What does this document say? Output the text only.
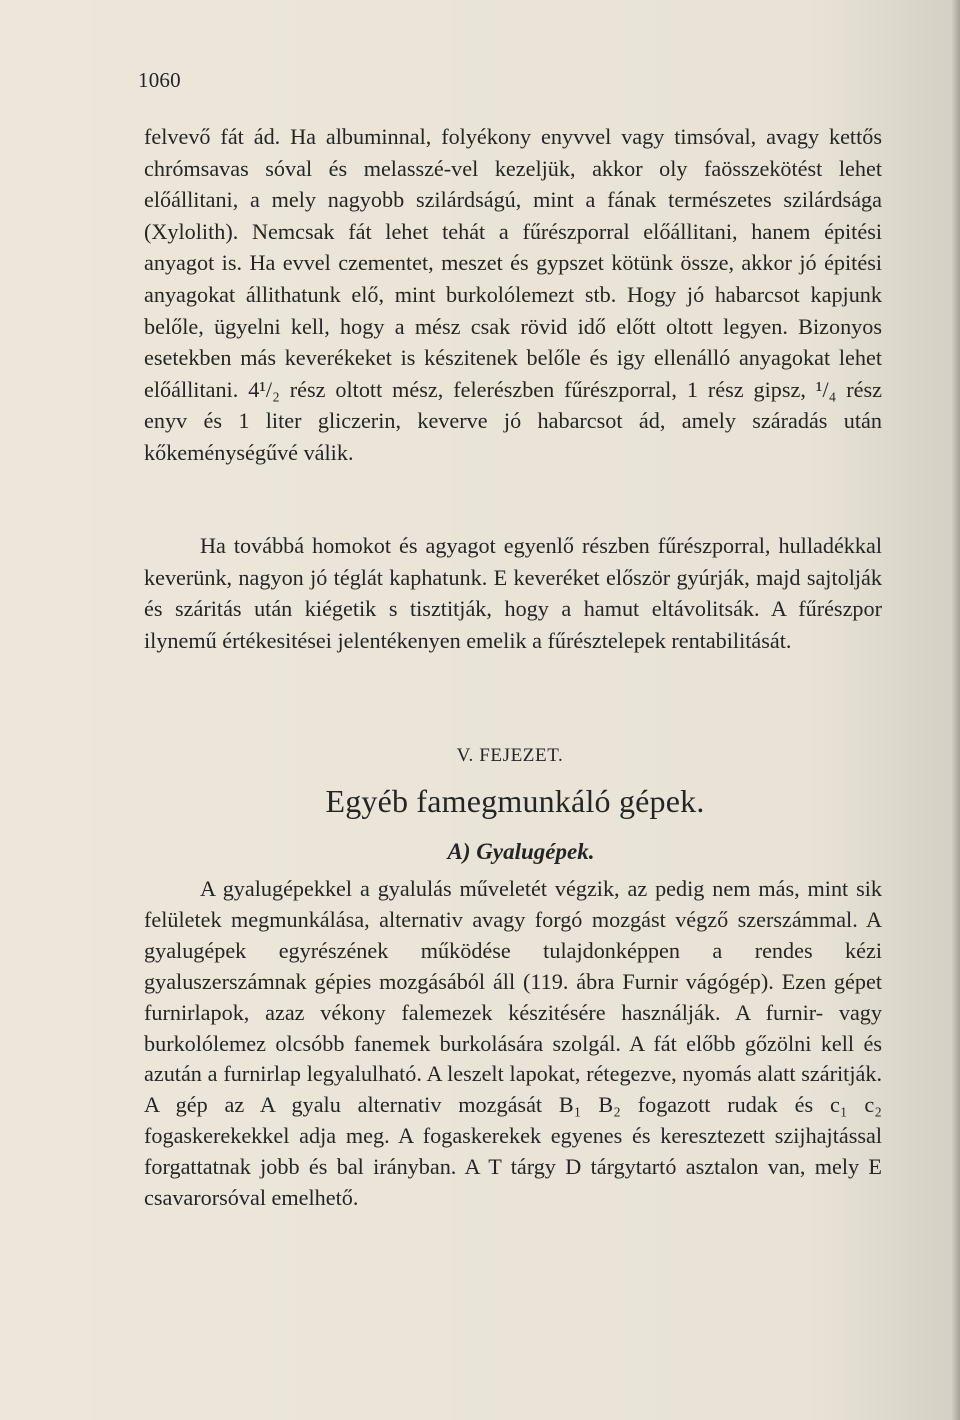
1060

felvevő fát ád. Ha albuminnal, folyékony enyvvel vagy timsóval, avagy kettős chrómsavas sóval és melasszé-vel kezeljük, akkor oly faösszekötést lehet előállitani, a mely nagyobb szilárdságú, mint a fának természetes szilárdsága (Xylolith). Nemcsak fát lehet tehát a fűrészporral előállitani, hanem épitési anyagot is. Ha evvel czementet, meszet és gypszet kötünk össze, akkor jó épitési anyagokat állithatunk elő, mint burkolólemezt stb. Hogy jó habarcsot kapjunk belőle, ügyelni kell, hogy a mész csak rövid idő előtt oltott legyen. Bizonyos esetekben más keverékeket is készitenek belőle és igy ellenálló anyagokat lehet előállitani. 4¹/₂ rész oltott mész, felerészben fűrészporral, 1 rész gipsz, ¹/₄ rész enyv és 1 liter gliczerin, keverve jó habarcsot ád, amely száradás után kőkeménységűvé válik.

Ha továbbá homokot és agyagot egyenlő részben fűrészporral, hulladékkal keverünk, nagyon jó téglát kaphatunk. E keveréket először gyúrják, majd sajtolják és száritás után kiégetik s tisztitják, hogy a hamut eltávolitsák. A fűrészpor ilynemű értékesitései jelentékenyen emelik a fűrésztelepek rentabilitását.

V. FEJEZET.
Egyéb famegmunkáló gépek.
A) Gyalugépek.

A gyalugépekkel a gyalulás műveletét végzik, az pedig nem más, mint sik felületek megmunkálása, alternativ avagy forgó mozgást végző szerszámmal. A gyalugépek egyrészének működése tulajdonképpen a rendes kézi gyaluszerszámnak gépies mozgásából áll (119. ábra Furnir vágógép). Ezen gépet furnirlapok, azaz vékony falemezek készitésére használják. A furnir- vagy burkolólemez olcsóbb fanemek burkolására szolgál. A fát előbb gőzölni kell és azután a furnirlap legyalulható. A leszelt lapokat, rétegezve, nyomás alatt száritják. A gép az A gyalu alternativ mozgását B₁ B₂ fogazott rudak és c₁ c₂ fogaskerekekkel adja meg. A fogaskerekek egyenes és keresztezett szijhajtással forgattatnak jobb és bal irányban. A T tárgy D tárgytartó asztalon van, mely E csavarorsóval emelhető.
